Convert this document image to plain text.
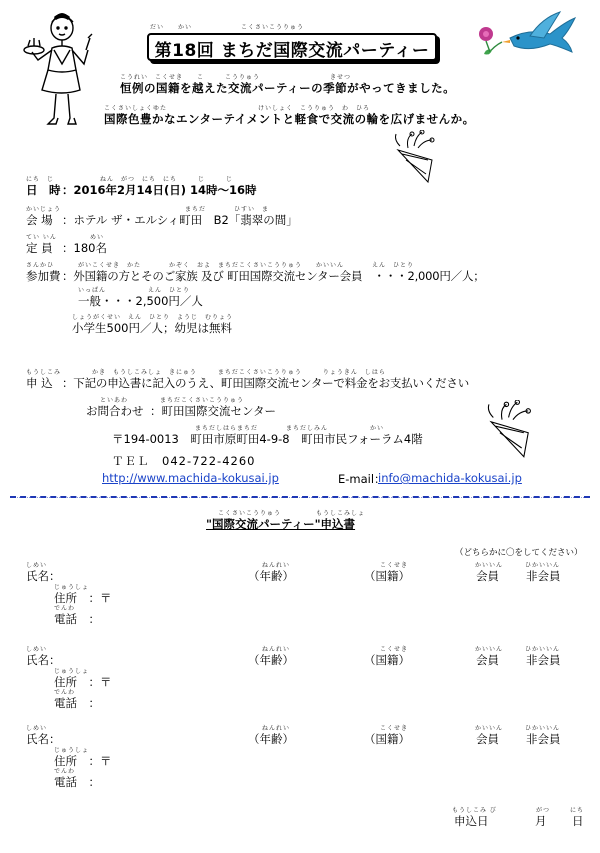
だい　　かい　　　　　　　こくさいこうりゅう
第18回 まちだ国際交流パーティー
こうれい　こくせき　　こ　　　こうりゅう　　　　　　　　　　きせつ
恒例の国籍を越えた交流パーティーの季節がやってきました。
こくさいしょくゆた　　　　　　　　　　　　　けいしょく　こうりゅう　わ　ひろ
国際色豊かなエンターテイメントと軽食で交流の輪を広げませんか。
にち　じ
日　時
ねん　がつ　にち　にち　　　じ　　　じ
：2016年2月14日(日) 14時～16時
かいじょう
会 場
まちだ　　　　ひすい　ま
：ホテル ザ・エルシィ町田　B2「翡翠の間」
てい いん
定 員
めい
：180名
さんかひ
参加費
がいこくせき　かた　　　　かぞく　およ　まちだこくさいこうりゅう　　かいいん　　　　えん　ひとり
：外国籍の方とそのご家族 及び 町田国際交流センター会員　・・・2,000円／人；
いっぱん　　　　　　えん　ひとり
一般・・・2,500円／人
しょうがくせい　えん　ひとり　ようじ　むりょう
小学生500円／人；幼児は無料
もうしこみ
申 込
かき　もうしこみしょ　きにゅう　　　まちだこくさいこうりゅう　　　りょうきん　しはら
：下記の申込書に記入のうえ、町田国際交流センターで料金をお支払いください
といあわ
お問合わせ
まちだこくさいこうりゅう
：町田国際交流センター
まちだしはらまちだ　　　　まちだしみん　　　　　　かい
〒194-0013　町田市原町田4-9-8　町田市民フォーラム4階
ＴＥＬ　042-722-4260
http://www.machida-kokusai.jp	E-mail：
info@machida-kokusai.jp
こくさいこうりゅう　　　　　もうしこみしょ
"国際交流パーティー"申込書
（どちらかに〇をしてください）
しめい
氏名：
ねんれい
（年齢）
こくせき
（国籍）
かいいん
会員
ひかいいん
非会員
じゅうしょ
住所　：〒
でんわ
電話　：
しめい
氏名：
ねんれい
（年齢）
こくせき
（国籍）
かいいん
会員
ひかいいん
非会員
じゅうしょ
住所　：〒
でんわ
電話　：
しめい
氏名：
ねんれい
（年齢）
こくせき
（国籍）
かいいん
会員
ひかいいん
非会員
じゅうしょ
住所　：〒
でんわ
電話　：
もうしこみ び
申込日
がつ
月
にち
日
